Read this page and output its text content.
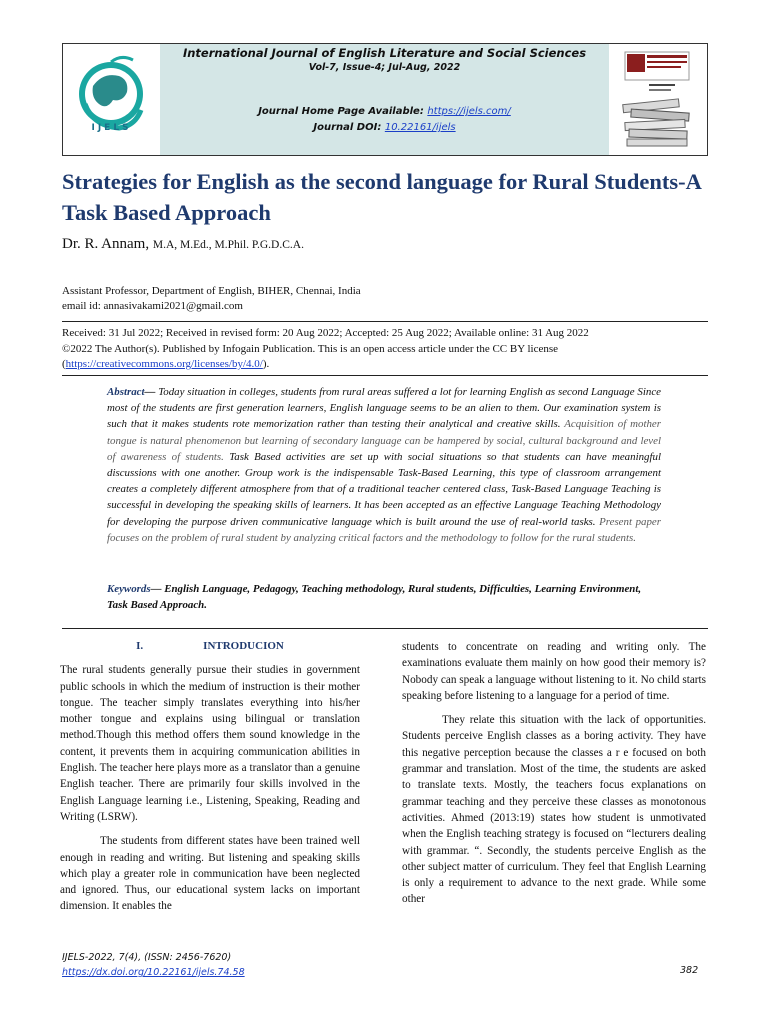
IJELS
International Journal of English Literature and Social Sciences
Vol-7, Issue-4; Jul-Aug, 2022
Journal Home Page Available: https://ijels.com/
Journal DOI: 10.22161/ijels
Strategies for English as the second language for Rural Students-A Task Based Approach
Dr. R. Annam, M.A, M.Ed., M.Phil. P.G.D.C.A.
Assistant Professor, Department of English, BIHER, Chennai, India
email id: annasivakami2021@gmail.com
Received: 31 Jul 2022; Received in revised form: 20 Aug 2022; Accepted: 25 Aug 2022; Available online: 31 Aug 2022
©2022 The Author(s). Published by Infogain Publication. This is an open access article under the CC BY license
(https://creativecommons.org/licenses/by/4.0/).
Abstract— Today situation in colleges, students from rural areas suffered a lot for learning English as second Language Since most of the students are first generation learners, English language seems to be an alien to them. Our examination system is such that it makes students rote memorization rather than testing their analytical and creative skills. Acquisition of mother tongue is natural phenomenon but learning of secondary language can be hampered by social, cultural background and level of awareness of students. Task Based activities are set up with social situations so that students can have meaningful discussions with one another. Group work is the indispensable Task-Based Learning, this type of classroom arrangement creates a completely different atmosphere from that of a traditional teacher centered class, Task-Based Language Teaching is successful in developing the speaking skills of learners. It has been accepted as an effective Language Teaching Methodology for developing the purpose driven communicative language which is built around the use of real-world tasks. Present paper focuses on the problem of rural student by analyzing critical factors and the methodology to follow for the rural students.
Keywords— English Language, Pedagogy, Teaching methodology, Rural students, Difficulties, Learning Environment, Task Based Approach.
I.	INTRODUCION

The rural students generally pursue their studies in government public schools in which the medium of instruction is their mother tongue. The teacher simply translates everything into his/her mother tongue and explains using bilingual or translation method.Though this method offers them sound knowledge in the content, it prevents them in acquiring communication abilities in English. The teacher here plays more as a translator than a genuine English teacher. There are primarily four skills involved in the English Language learning i.e., Listening, Speaking, Reading and Writing (LSRW).

The students from different states have been trained well enough in reading and writing. But listening and speaking skills which play a greater role in communication have been neglected and ignored. Thus, our educational system lacks on important dimension. It enables the

students to concentrate on reading and writing only. The examinations evaluate them mainly on how good their memory is? Nobody can speak a language without listening to it. No child starts speaking before listening to a language for a period of time.

They relate this situation with the lack of opportunities. Students perceive English classes as a boring activity. They have this negative perception because the classes a r e focused on both grammar and translation. Most of the time, the students are asked to translate texts. Mostly, the teachers focus explanations on grammar teaching and they perceive these classes as monotonous activities. Ahmed (2013:19) states how student is unmotivated when the English teaching strategy is focused on “lecturers dealing with grammar. “. Secondly, the students perceive English as the other subject matter of curriculum. They feel that English Learning is only a requirement to advance to the next grade. While some other

IJELS-2022, 7(4), (ISSN: 2456-7620)
https://dx.doi.org/10.22161/ijels.74.58	382
